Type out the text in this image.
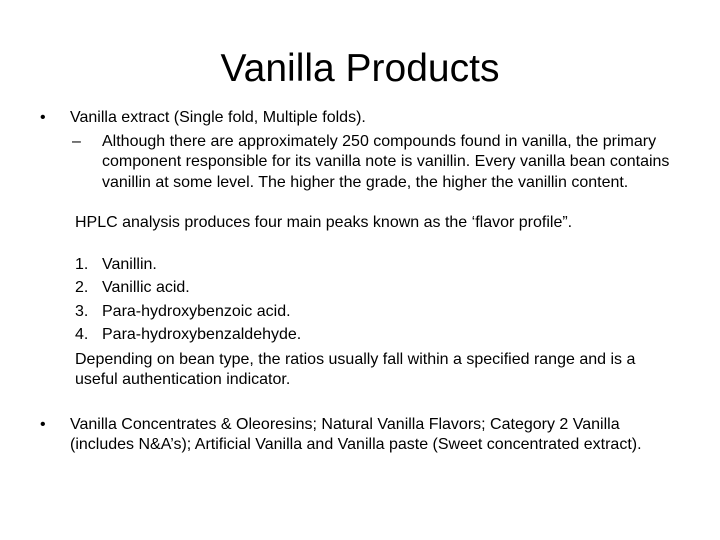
Vanilla Products
• Vanilla extract (Single fold, Multiple folds).
– Although there are approximately 250 compounds found in vanilla, the primary component responsible for its vanilla note is vanillin. Every vanilla bean contains vanillin at some level. The higher the grade, the higher the vanillin content.
HPLC analysis produces four main peaks known as the ‘flavor profile”.
1. Vanillin.
2. Vanillic acid.
3. Para-hydroxybenzoic acid.
4. Para-hydroxybenzaldehyde.
Depending on bean type, the ratios usually fall within a specified range and is a useful authentication indicator.
• Vanilla Concentrates & Oleoresins; Natural Vanilla Flavors; Category 2 Vanilla (includes N&A’s); Artificial Vanilla and Vanilla paste (Sweet concentrated extract).
